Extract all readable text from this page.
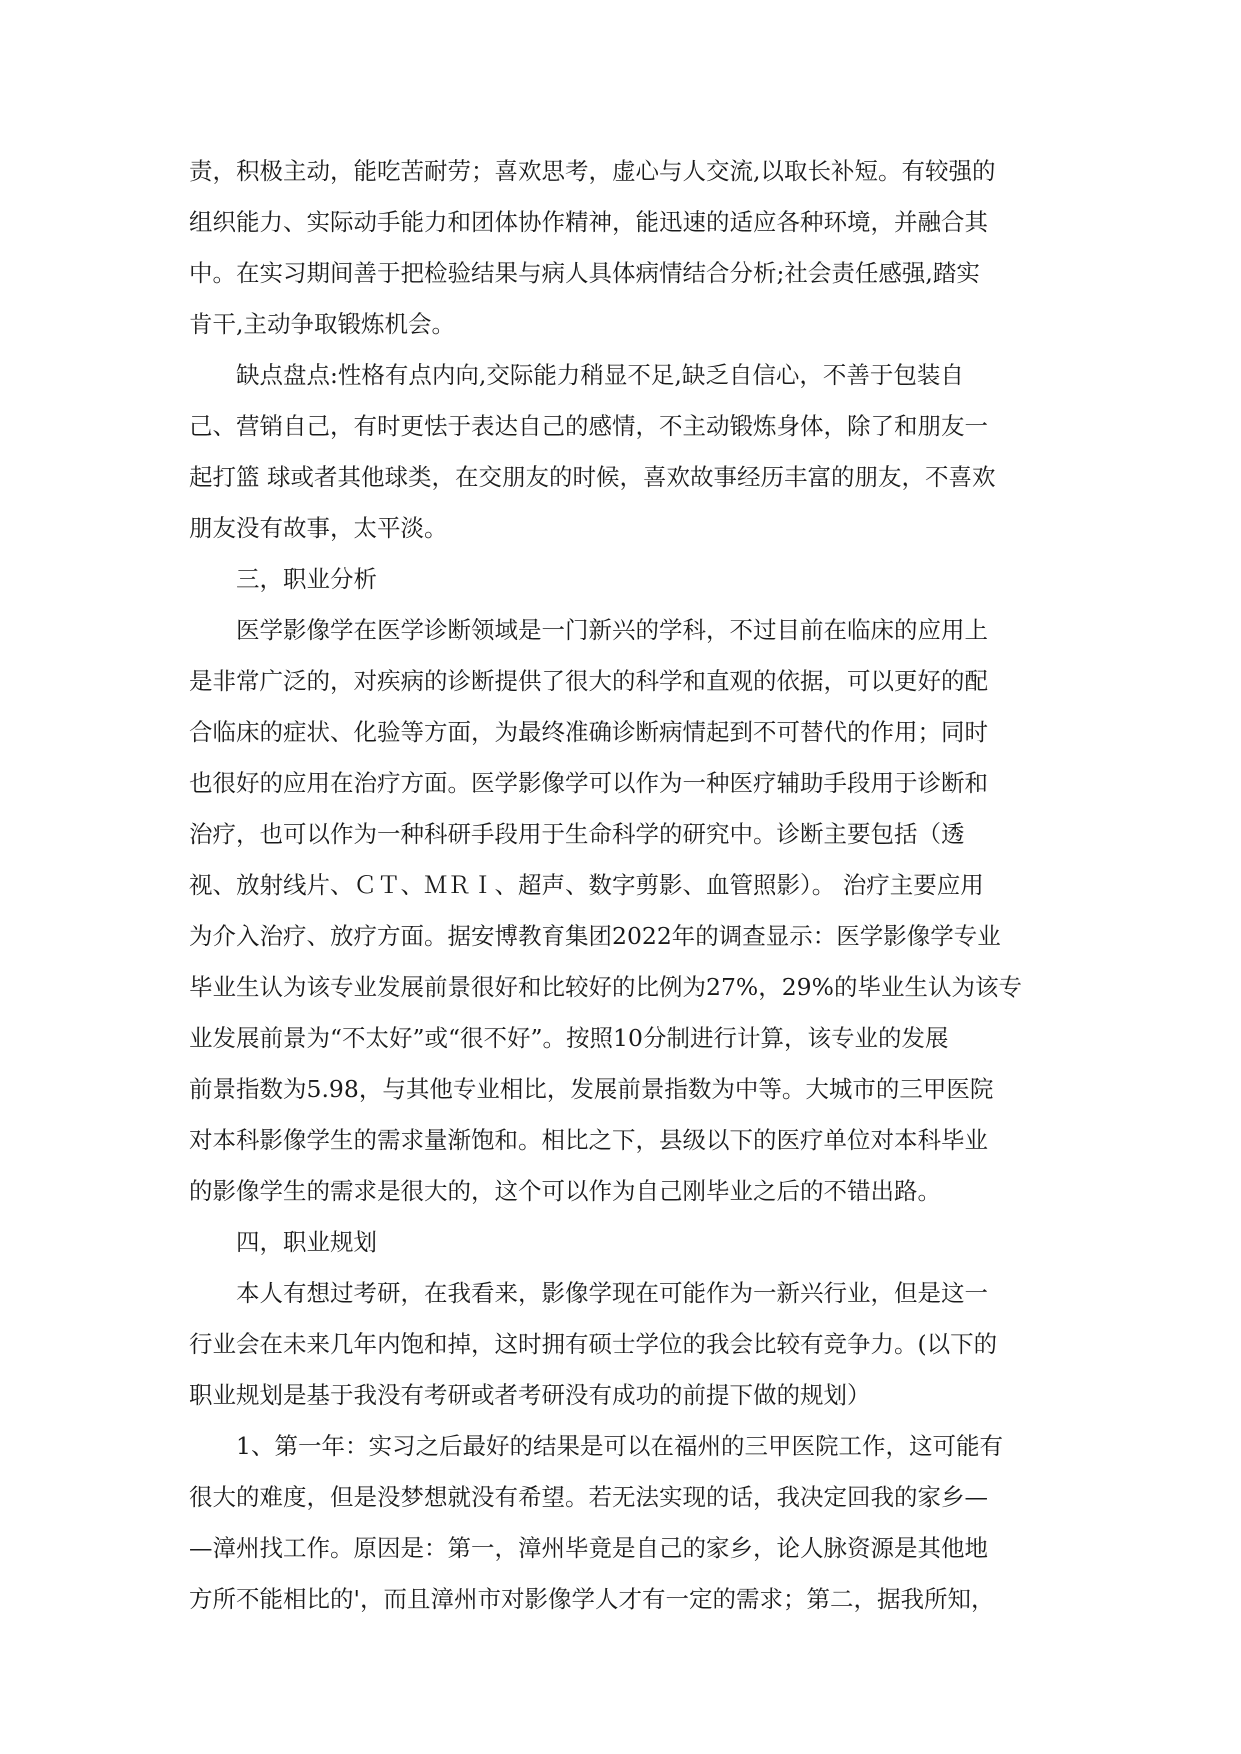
责，积极主动，能吃苦耐劳；喜欢思考，虚心与人交流,以取长补短。有较强的
组织能力、实际动手能力和团体协作精神，能迅速的适应各种环境，并融合其
中。在实习期间善于把检验结果与病人具体病情结合分析;社会责任感强,踏实
肯干,主动争取锻炼机会。
缺点盘点:性格有点内向,交际能力稍显不足,缺乏自信心，不善于包装自
己、营销自己，有时更怯于表达自己的感情，不主动锻炼身体，除了和朋友一
起打篮 球或者其他球类，在交朋友的时候，喜欢故事经历丰富的朋友，不喜欢
朋友没有故事，太平淡。
三，职业分析
医学影像学在医学诊断领域是一门新兴的学科，不过目前在临床的应用上
是非常广泛的，对疾病的诊断提供了很大的科学和直观的依据，可以更好的配
合临床的症状、化验等方面，为最终准确诊断病情起到不可替代的作用；同时
也很好的应用在治疗方面。医学影像学可以作为一种医疗辅助手段用于诊断和
治疗，也可以作为一种科研手段用于生命科学的研究中。诊断主要包括（透
视、放射线片、ＣＴ、ＭＲＩ、超声、数字剪影、血管照影）。 治疗主要应用
为介入治疗、放疗方面。据安博教育集团2022年的调查显示：医学影像学专业
毕业生认为该专业发展前景很好和比较好的比例为27%，29%的毕业生认为该专
业发展前景为“不太好”或“很不好”。按照10分制进行计算，该专业的发展
前景指数为5.98，与其他专业相比，发展前景指数为中等。大城市的三甲医院
对本科影像学生的需求量渐饱和。相比之下，县级以下的医疗单位对本科毕业
的影像学生的需求是很大的，这个可以作为自己刚毕业之后的不错出路。
四，职业规划
本人有想过考研，在我看来，影像学现在可能作为一新兴行业，但是这一
行业会在未来几年内饱和掉，这时拥有硕士学位的我会比较有竞争力。(以下的
职业规划是基于我没有考研或者考研没有成功的前提下做的规划）
1、第一年：实习之后最好的结果是可以在福州的三甲医院工作，这可能有
很大的难度，但是没梦想就没有希望。若无法实现的话，我决定回我的家乡—
—漳州找工作。原因是：第一，漳州毕竟是自己的家乡，论人脉资源是其他地
方所不能相比的'，而且漳州市对影像学人才有一定的需求；第二，据我所知，
